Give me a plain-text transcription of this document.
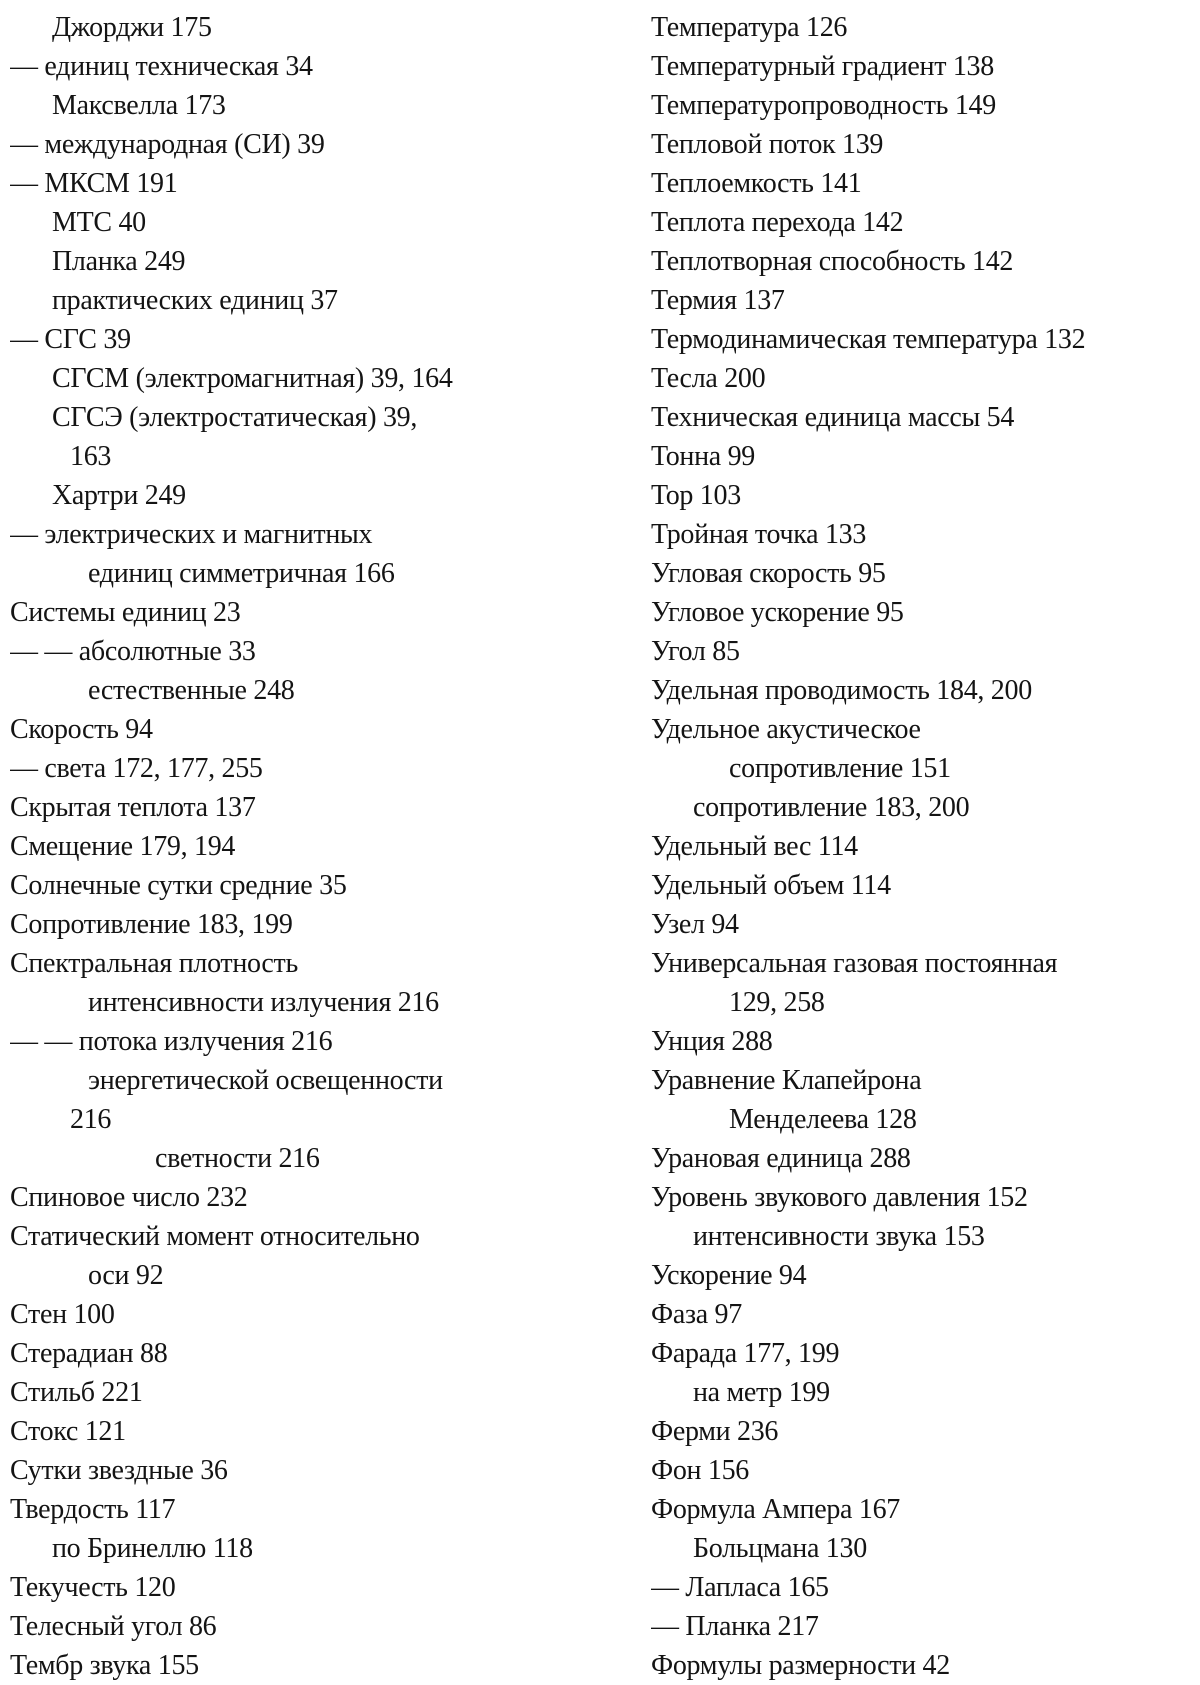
Джорджи 175
— единиц техническая 34
Максвелла 173
— международная (СИ) 39
— МКСМ 191
МТС 40
Планка 249
практических единиц 37
— СГС 39
СГСМ (электромагнитная) 39, 164
СГСЭ (электростатическая) 39,
163
Хартри 249
— электрических и магнитных
единиц симметричная 166
Системы единиц 23
— — абсолютные 33
естественные 248
Скорость 94
— света 172, 177, 255
Скрытая теплота 137
Смещение 179, 194
Солнечные сутки средние 35
Сопротивление 183, 199
Спектральная плотность
интенсивности излучения 216
— — потока излучения 216
энергетической освещенности
216
светности 216
Спиновое число 232
Статический момент относительно
оси 92
Стен 100
Стерадиан 88
Стильб 221
Стокс 121
Сутки звездные 36
Твердость 117
по Бринеллю 118
Текучесть 120
Телесный угол 86
Тембр звука 155
Температура 126
Температурный градиент 138
Температуропроводность 149
Тепловой поток 139
Теплоемкость 141
Теплота перехода 142
Теплотворная способность 142
Термия 137
Термодинамическая температура 132
Тесла 200
Техническая единица массы 54
Тонна 99
Тор 103
Тройная точка 133
Угловая скорость 95
Угловое ускорение 95
Угол 85
Удельная проводимость 184, 200
Удельное акустическое
сопротивление 151
сопротивление 183, 200
Удельный вес 114
Удельный объем 114
Узел 94
Универсальная газовая постоянная
129, 258
Унция 288
Уравнение Клапейрона
Менделеева 128
Урановая единица 288
Уровень звукового давления 152
интенсивности звука 153
Ускорение 94
Фаза 97
Фарада 177, 199
на метр 199
Ферми 236
Фон 156
Формула Ампера 167
Больцмана 130
— Лапласа 165
— Планка 217
Формулы размерности 42
